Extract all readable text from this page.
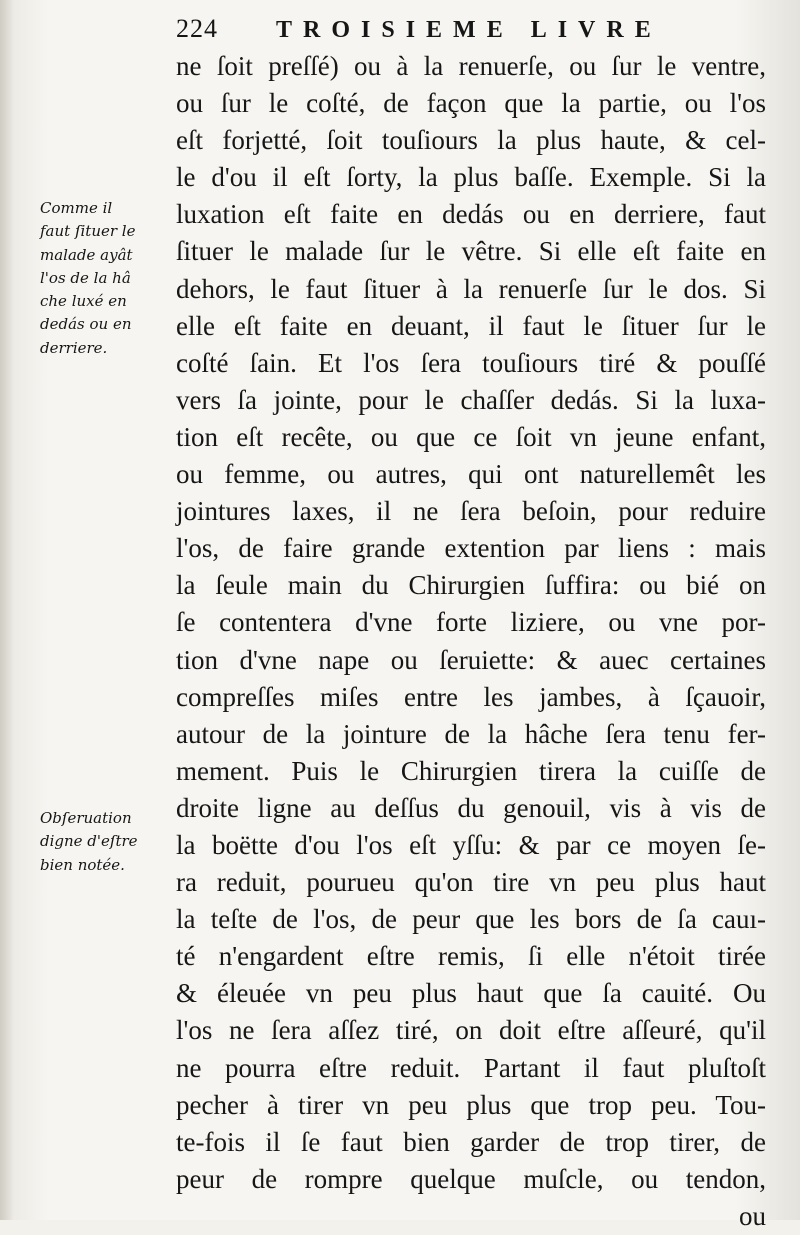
224	TROISIEME LIVRE
ne ſoit preſſé) ou à la renuerſe, ou ſur le ventre,
ou ſur le coſté, de façon que la partie, ou l'os
eſt forjetté, ſoit touſiours la plus haute, & cel-
le d'ou il eſt ſorty, la plus baſſe. Exemple. Si la
luxation eſt faite en dedás ou en derriere, faut
ſituer le malade ſur le vêtre. Si elle eſt faite en
dehors, le faut ſituer à la renuerſe ſur le dos. Si
elle eſt faite en deuant, il faut le ſituer ſur le
coſté ſain. Et l'os ſera touſiours tiré & pouſſé
vers ſa jointe, pour le chaſſer dedás. Si la luxa-
tion eſt recête, ou que ce ſoit vn jeune enfant,
ou femme, ou autres, qui ont naturellemêt les
jointures laxes, il ne ſera beſoin, pour reduire
l'os, de faire grande extention par liens : mais
la ſeule main du Chirurgien ſuffira: ou bié on
ſe contentera d'vne forte liziere, ou vne por-
tion d'vne nape ou ſeruiette: & auec certaines
compreſſes miſes entre les jambes, à ſçauoir,
autour de la jointure de la hâche ſera tenu fer-
mement. Puis le Chirurgien tirera la cuiſſe de
droite ligne au deſſus du genouil, vis à vis de
la boëtte d'ou l'os eſt yſſu: & par ce moyen ſe-
ra reduit, pourueu qu'on tire vn peu plus haut
la teſte de l'os, de peur que les bors de ſa cauı-
té n'engardent eſtre remis, ſi elle n'étoit tirée
& éleuée vn peu plus haut que ſa cauité. Ou
l'os ne ſera aſſez tiré, on doit eſtre aſſeuré, qu'il
ne pourra eſtre reduit. Partant il faut pluſtoſt
pecher à tirer vn peu plus que trop peu. Tou-
te-fois il ſe faut bien garder de trop tirer, de
peur de rompre quelque muſcle, ou tendon,
ou
Comme il
faut ſituer le
malade ayât
l'os de la hâ
che luxé en
dedás ou en
derriere.
Obſeruation
digne d'eſtre
bien notée.
